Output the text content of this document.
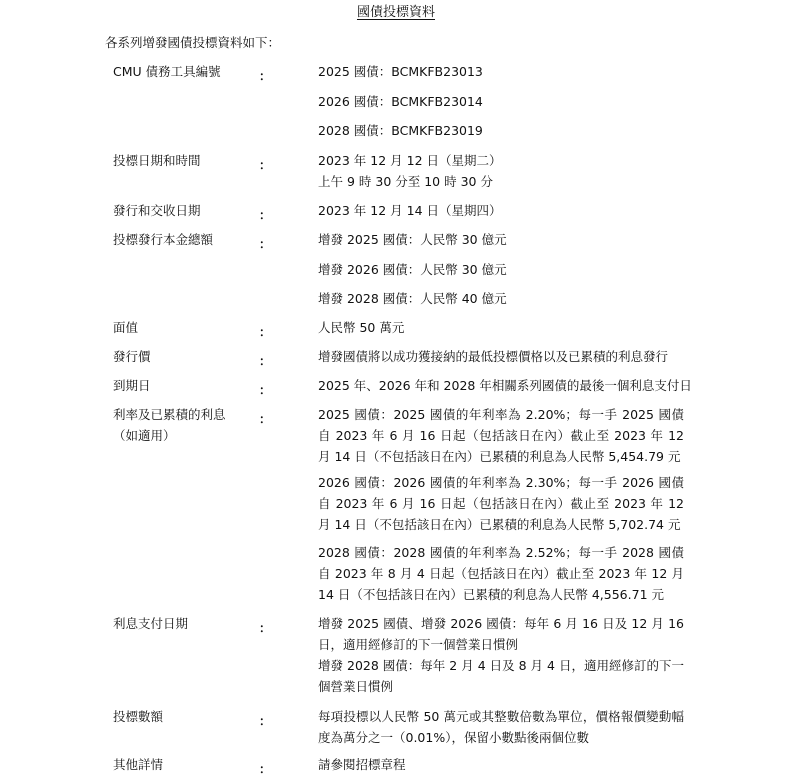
國債投標資料
各系列增發國債投標資料如下：
CMU 債務工具編號	：	2025 國債：BCMKFB23013

2026 國債：BCMKFB23014

2028 國債：BCMKFB23019

投標日期和時間	：	2023 年 12 月 12 日（星期二）
上午 9 時 30 分至 10 時 30 分

發行和交收日期	：	2023 年 12 月 14 日（星期四）

投標發行本金總額	：	增發 2025 國債：人民幣 30 億元

增發 2026 國債：人民幣 30 億元

增發 2028 國債：人民幣 40 億元

面值	：	人民幣 50 萬元

發行價	：	增發國債將以成功獲接納的最低投標價格以及已累積的利息發行

到期日	：	2025 年、2026 年和 2028 年相關系列國債的最後一個利息支付日

利率及已累積的利息（如適用）
：	2025 國債：2025 國債的年利率為 2.20%；每一手 2025 國債自 2023 年 6 月 16 日起（包括該日在內）截止至 2023 年 12 月 14 日（不包括該日在內）已累積的利息為人民幣 5,454.79 元

2026 國債：2026 國債的年利率為 2.30%；每一手 2026 國債自 2023 年 6 月 16 日起（包括該日在內）截止至 2023 年 12 月 14 日（不包括該日在內）已累積的利息為人民幣 5,702.74 元

2028 國債：2028 國債的年利率為 2.52%；每一手 2028 國債自 2023 年 8 月 4 日起（包括該日在內）截止至 2023 年 12 月 14 日（不包括該日在內）已累積的利息為人民幣 4,556.71 元

利息支付日期	：	增發 2025 國債、增發 2026 國債：每年 6 月 16 日及 12 月 16 日，適用經修訂的下一個營業日慣例

增發 2028 國債：每年 2 月 4 日及 8 月 4 日，適用經修訂的下一個營業日慣例

投標數額	：	每項投標以人民幣 50 萬元或其整數倍數為單位，價格報價變動幅度為萬分之一（0.01%），保留小數點後兩個位數

其他詳情	：	請參閱招標章程
